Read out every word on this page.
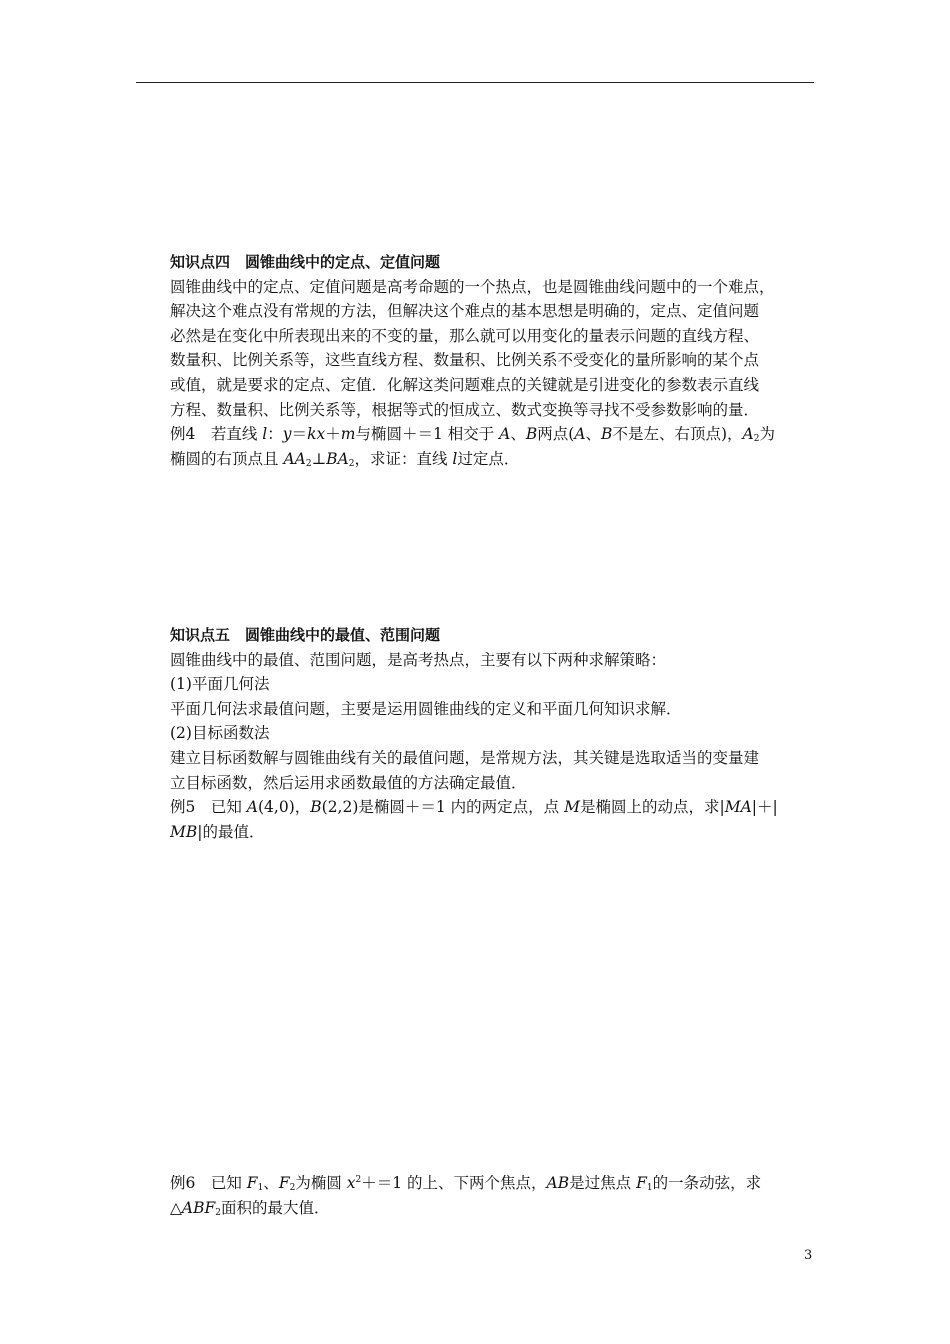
知识点四　圆锥曲线中的定点、定值问题
圆锥曲线中的定点、定值问题是高考命题的一个热点，也是圆锥曲线问题中的一个难点，
解决这个难点没有常规的方法，但解决这个难点的基本思想是明确的，定点、定值问题
必然是在变化中所表现出来的不变的量，那么就可以用变化的量表示问题的直线方程、
数量积、比例关系等，这些直线方程、数量积、比例关系不受变化的量所影响的某个点
或值，就是要求的定点、定值．化解这类问题难点的关键就是引进变化的参数表示直线
方程、数量积、比例关系等，根据等式的恒成立、数式变换等寻找不受参数影响的量．
例4　若直线 l：y＝kx＋m与椭圆＋＝1 相交于 A、B两点(A、B不是左、右顶点)，$A_2$为
椭圆的右顶点且 $AA_2\perp BA_2$，求证：直线 l过定点．
知识点五　圆锥曲线中的最值、范围问题
圆锥曲线中的最值、范围问题，是高考热点，主要有以下两种求解策略：
(1)平面几何法
平面几何法求最值问题，主要是运用圆锥曲线的定义和平面几何知识求解．
(2)目标函数法
建立目标函数解与圆锥曲线有关的最值问题，是常规方法，其关键是选取适当的变量建
立目标函数，然后运用求函数最值的方法确定最值．
例5　已知 A(4,0)，B(2,2)是椭圆＋＝1 内的两定点，点 M是椭圆上的动点，求|MA|＋|
MB|的最值．
例6　已知 $F_1$、$F_2$为椭圆 $x^2+=1$ 的上、下两个焦点，AB是过焦点 $F_1$的一条动弦，求
$\triangle ABF_2$面积的最大值．
3
